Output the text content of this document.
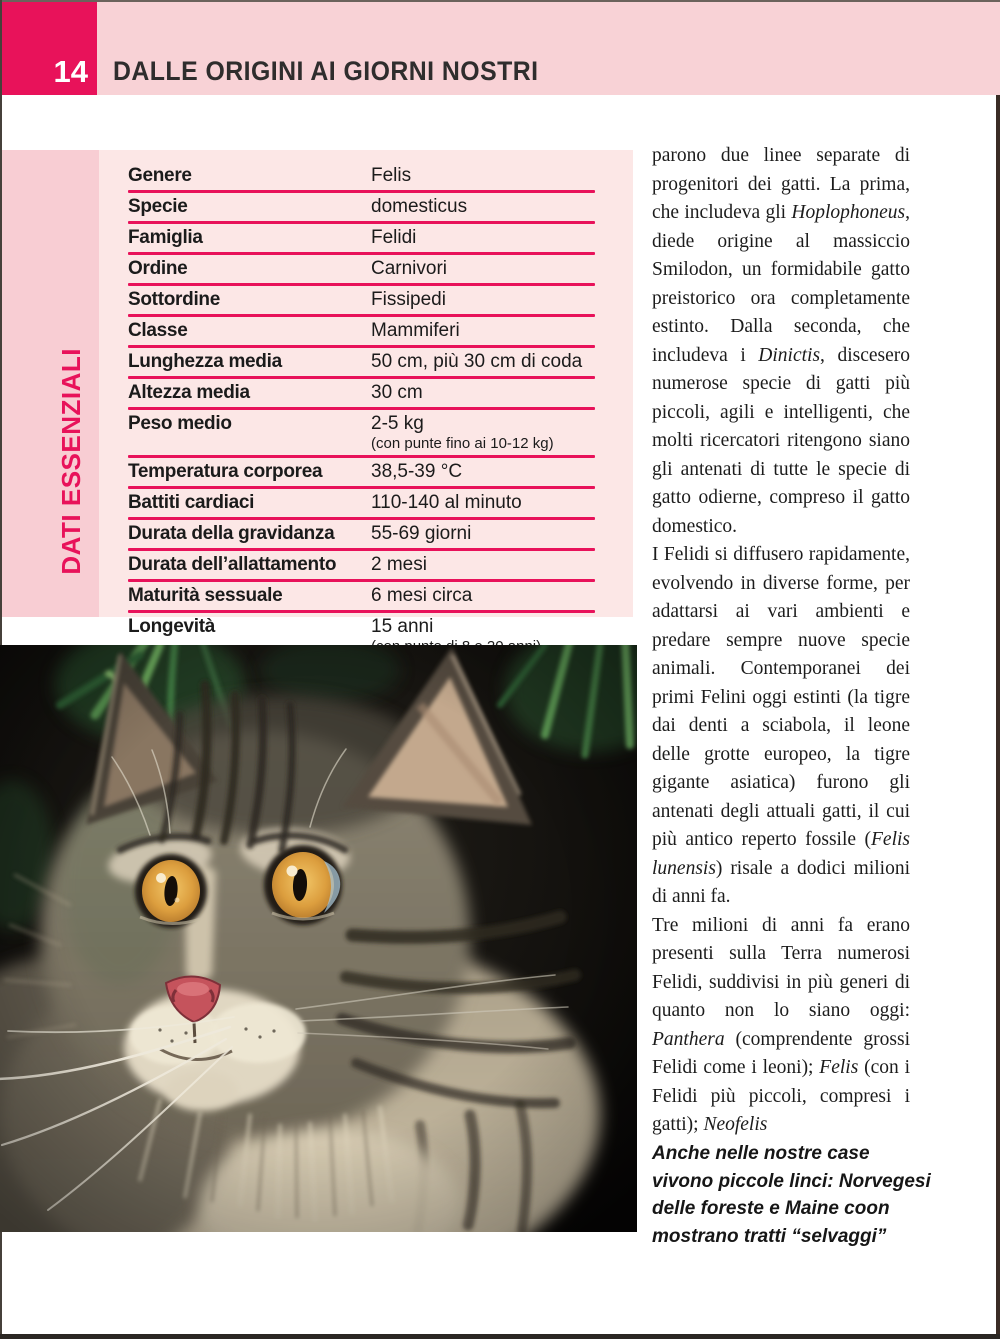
14 DALLE ORIGINI AI GIORNI NOSTRI
DATI ESSENZIALI
Genere	Felis
Specie	domesticus
Famiglia	Felidi
Ordine	Carnivori
Sottordine	Fissipedi
Classe	Mammiferi
Lunghezza media	50 cm, più 30 cm di coda
Altezza media	30 cm
Peso medio	2-5 kg
(con punte fino ai 10-12 kg)
Temperatura corporea	38,5-39 °C
Battiti cardiaci	110-140 al minuto
Durata della gravidanza	55-69 giorni
Durata dell’allattamento	2 mesi
Maturità sessuale	6 mesi circa
Longevità	15 anni

parono due linee separate di progenitori dei gatti. La prima, che includeva gli Hoplophoneus, diede origine al massiccio Smilodon, un formidabile gatto preistorico ora completamente estinto. Dalla seconda, che includeva i Dinictis, discesero numerose specie di gatti più piccoli, agili e intelligenti, che molti ricercatori ritengono siano gli antenati di tutte le specie di gatto odierne, compreso il gatto domestico.

I Felidi si diffusero rapidamente, evolvendo in diverse forme, per adattarsi ai vari ambienti e predare sempre nuove specie animali. Contemporanei dei primi Felini oggi estinti (la tigre dai denti a sciabola, il leone delle grotte europeo, la tigre gigante asiatica) furono gli antenati degli attuali gatti, il cui più antico reperto fossile (Felis lunensis) risale a dodici milioni di anni fa.

Tre milioni di anni fa erano presenti sulla Terra numerosi Felidi, suddivisi in più generi di quanto non lo siano oggi: Panthera (comprendente grossi Felidi come i leoni); Felis (con i Felidi più piccoli, compresi i gatti); Neofelis

Anche nelle nostre case vivono piccole linci: Norvegesi delle foreste e Maine coon mostrano tratti “selvaggi”
